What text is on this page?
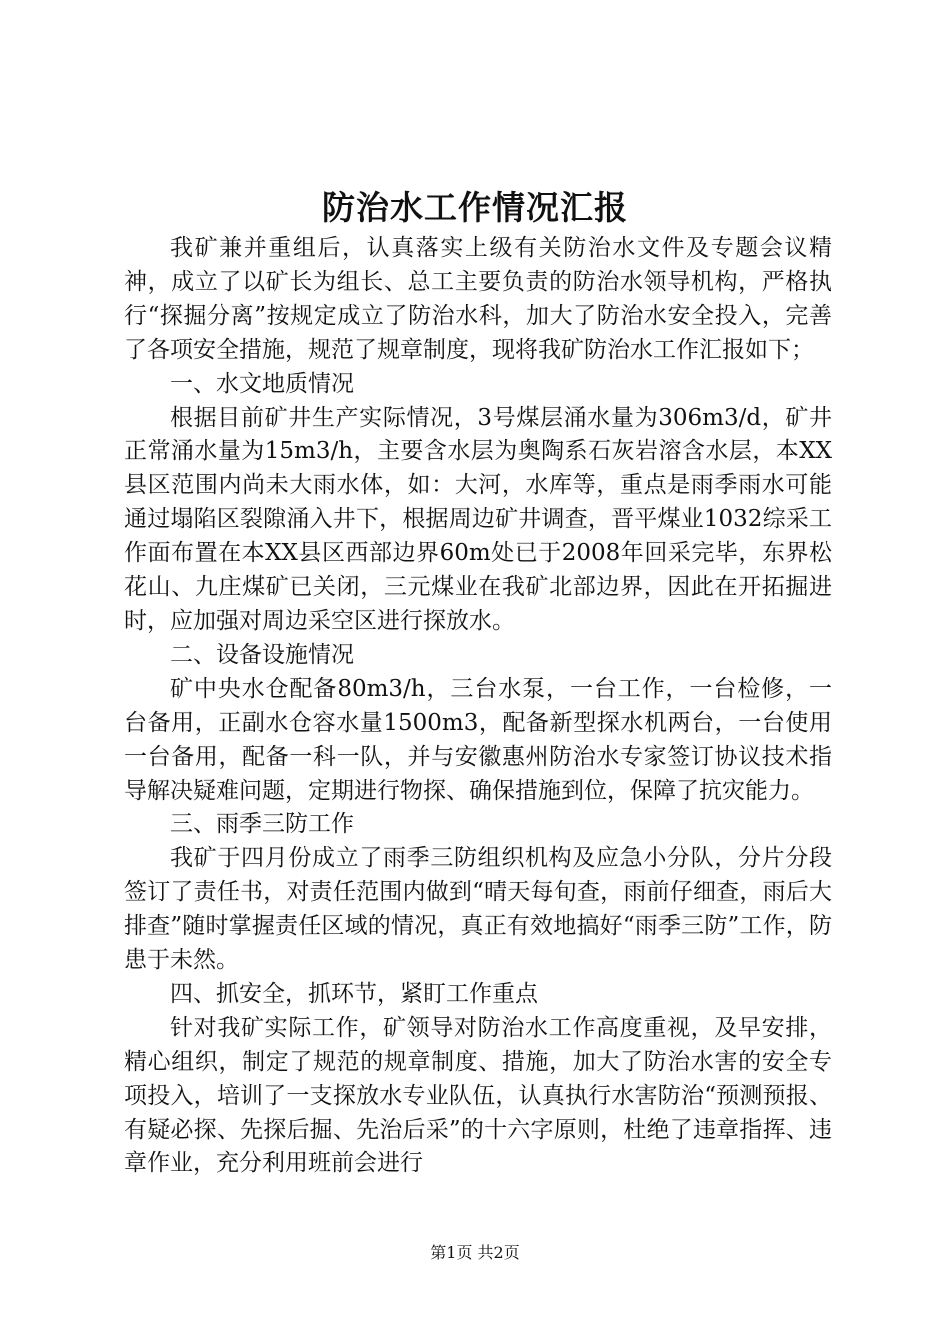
防治水工作情况汇报

我矿兼并重组后，认真落实上级有关防治水文件及专题会议精神，成立了以矿长为组长、总工主要负责的防治水领导机构，严格执行“探掘分离”按规定成立了防治水科，加大了防治水安全投入，完善了各项安全措施，规范了规章制度，现将我矿防治水工作汇报如下；

一、水文地质情况

根据目前矿井生产实际情况，3号煤层涌水量为306m3/d，矿井正常涌水量为15m3/h，主要含水层为奥陶系石灰岩溶含水层，本XX县区范围内尚未大雨水体，如：大河，水库等，重点是雨季雨水可能通过塌陷区裂隙涌入井下，根据周边矿井调查，晋平煤业1032综采工作面布置在本XX县区西部边界60m处已于2008年回采完毕，东界松花山、九庄煤矿已关闭，三元煤业在我矿北部边界，因此在开拓掘进时，应加强对周边采空区进行探放水。

二、设备设施情况

矿中央水仓配备80m3/h，三台水泵，一台工作，一台检修，一台备用，正副水仓容水量1500m3，配备新型探水机两台，一台使用一台备用，配备一科一队，并与安徽惠州防治水专家签订协议技术指导解决疑难问题，定期进行物探、确保措施到位，保障了抗灾能力。

三、雨季三防工作

我矿于四月份成立了雨季三防组织机构及应急小分队，分片分段签订了责任书，对责任范围内做到“晴天每旬查，雨前仔细查，雨后大排查”随时掌握责任区域的情况，真正有效地搞好“雨季三防”工作，防患于未然。

四、抓安全，抓环节，紧盯工作重点

针对我矿实际工作，矿领导对防治水工作高度重视，及早安排，精心组织，制定了规范的规章制度、措施，加大了防治水害的安全专项投入，培训了一支探放水专业队伍，认真执行水害防治“预测预报、有疑必探、先探后掘、先治后采”的十六字原则，杜绝了违章指挥、违章作业，充分利用班前会进行

第1页 共2页
